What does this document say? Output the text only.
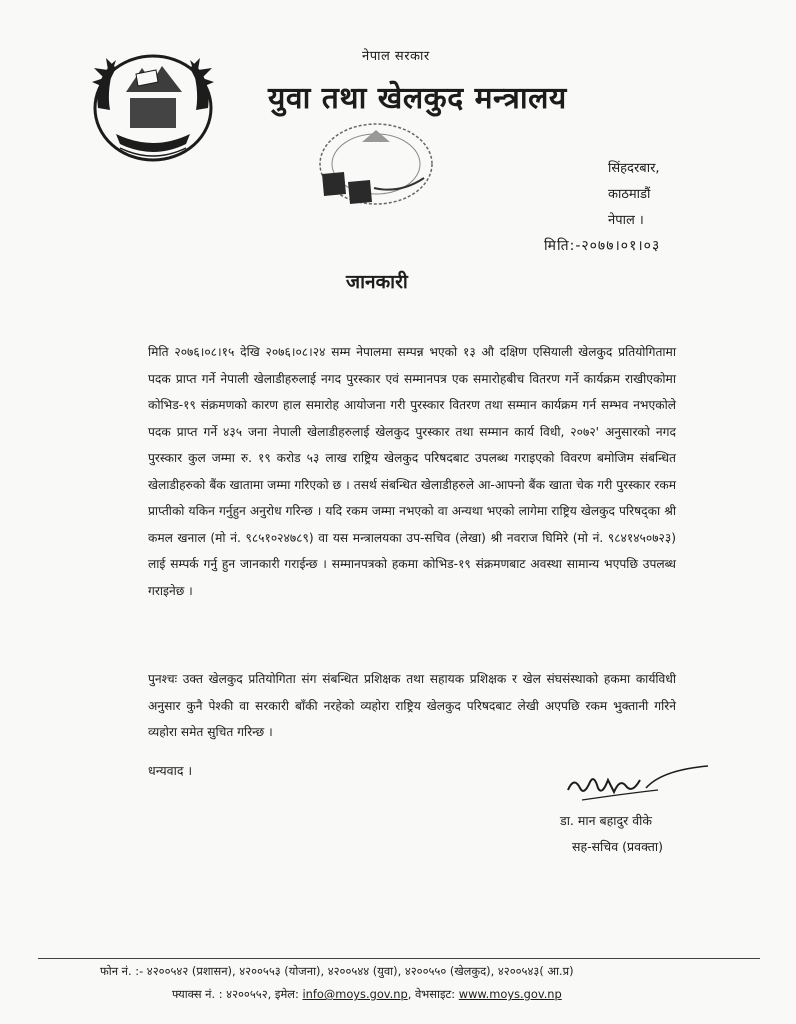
नेपाल सरकार
युवा तथा खेलकुद मन्त्रालय
सिंहदरबार,
काठमाडौं
नेपाल ।
मिति:-२०७७।०१।०३
जानकारी

मिति २०७६।०८।१५ देखि २०७६।०८।२४ सम्म नेपालमा सम्पन्न भएको १३ औ दक्षिण एसियाली खेलकुद प्रतियोगितामा पदक प्राप्त गर्ने नेपाली खेलाडीहरुलाई नगद पुरस्कार एवं सम्मानपत्र एक समारोहबीच वितरण गर्ने कार्यक्रम राखीएकोमा कोभिड-१९ संक्रमणको कारण हाल समारोह आयोजना गरी पुरस्कार वितरण तथा सम्मान कार्यक्रम गर्न सम्भव नभएकोले पदक प्राप्त गर्ने ४३५ जना नेपाली खेलाडीहरुलाई खेलकुद पुरस्कार तथा सम्मान कार्य विधी, २०७२' अनुसारको नगद पुरस्कार कुल जम्मा रु. १९ करोड ५३ लाख राष्ट्रिय खेलकुद परिषदबाट उपलब्ध गराइएको विवरण बमोजिम संबन्धित खेलाडीहरुको बैंक खातामा जम्मा गरिएको छ । तसर्थ संबन्धित खेलाडीहरुले आ-आफ्नो बैंक खाता चेक गरी पुरस्कार रकम प्राप्तीको यकिन गर्नुहुन अनुरोध गरिन्छ । यदि रकम जम्मा नभएको वा अन्यथा भएको लागेमा राष्ट्रिय खेलकुद परिषद्का श्री कमल खनाल (मो नं. ९८५१०२४७८९) वा यस मन्त्रालयका उप-सचिव (लेखा) श्री नवराज घिमिरे (मो नं. ९८४१४५०७२३) लाई सम्पर्क गर्नु हुन जानकारी गराईन्छ । सम्मानपत्रको हकमा कोभिड-१९ संक्रमणबाट अवस्था सामान्य भएपछि उपलब्ध गराइनेछ ।

पुनश्चः उक्त खेलकुद प्रतियोगिता संग संबन्धित प्रशिक्षक तथा सहायक प्रशिक्षक र खेल संघसंस्थाको हकमा कार्यविधी अनुसार कुनै पेश्की वा सरकारी बाँकी नरहेको व्यहोरा राष्ट्रिय खेलकुद परिषदबाट लेखी अएपछि रकम भुक्तानी गरिने व्यहोरा समेत सुचित गरिन्छ ।

धन्यवाद ।
डा. मान बहादुर वीके
सह-सचिव (प्रवक्ता)
फोन नं. :- ४२००५४२ (प्रशासन), ४२००५५३ (योजना), ४२००५४४ (युवा), ४२००५५० (खेलकुद), ४२००५४३( आ.प्र)
फ्याक्स नं. : ४२००५५२, इमेल: info@moys.gov.np, वेभसाइट: www.moys.gov.np
